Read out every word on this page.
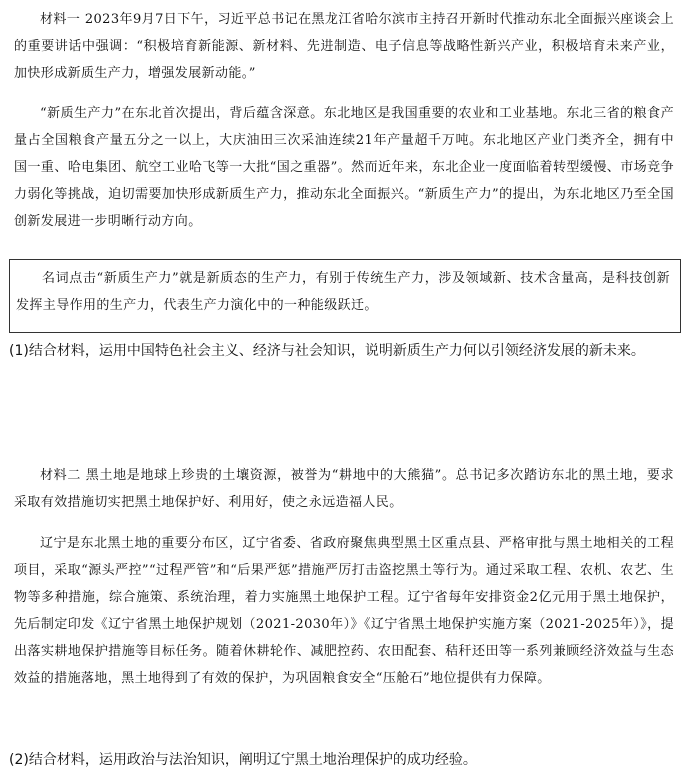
材料一 2023年9月7日下午，习近平总书记在黑龙江省哈尔滨市主持召开新时代推动东北全面振兴座谈会上的重要讲话中强调：“积极培育新能源、新材料、先进制造、电子信息等战略性新兴产业，积极培育未来产业，加快形成新质生产力，增强发展新动能。”

“新质生产力”在东北首次提出，背后蕴含深意。东北地区是我国重要的农业和工业基地。东北三省的粮食产量占全国粮食产量五分之一以上，大庆油田三次采油连续21年产量超千万吨。东北地区产业门类齐全，拥有中国一重、哈电集团、航空工业哈飞等一大批“国之重器”。然而近年来，东北企业一度面临着转型缓慢、市场竞争力弱化等挑战，迫切需要加快形成新质生产力，推动东北全面振兴。“新质生产力”的提出，为东北地区乃至全国创新发展进一步明晰行动方向。

名词点击“新质生产力”就是新质态的生产力，有别于传统生产力，涉及领域新、技术含量高，是科技创新发挥主导作用的生产力，代表生产力演化中的一种能级跃迁。

(1)结合材料，运用中国特色社会主义、经济与社会知识，说明新质生产力何以引领经济发展的新未来。

材料二 黑土地是地球上珍贵的土壤资源，被誉为“耕地中的大熊猫”。总书记多次踏访东北的黑土地，要求采取有效措施切实把黑土地保护好、利用好，使之永远造福人民。

辽宁是东北黑土地的重要分布区，辽宁省委、省政府聚焦典型黑土区重点县、严格审批与黑土地相关的工程项目，采取“源头严控”“过程严管”和“后果严惩”措施严厉打击盗挖黑土等行为。通过采取工程、农机、农艺、生物等多种措施，综合施策、系统治理，着力实施黑土地保护工程。辽宁省每年安排资金2亿元用于黑土地保护，先后制定印发《辽宁省黑土地保护规划（2021-2030年）》《辽宁省黑土地保护实施方案（2021-2025年）》，提出落实耕地保护措施等目标任务。随着休耕轮作、减肥控药、农田配套、秸秆还田等一系列兼顾经济效益与生态效益的措施落地，黑土地得到了有效的保护，为巩固粮食安全“压舱石”地位提供有力保障。

(2)结合材料，运用政治与法治知识，阐明辽宁黑土地治理保护的成功经验。
